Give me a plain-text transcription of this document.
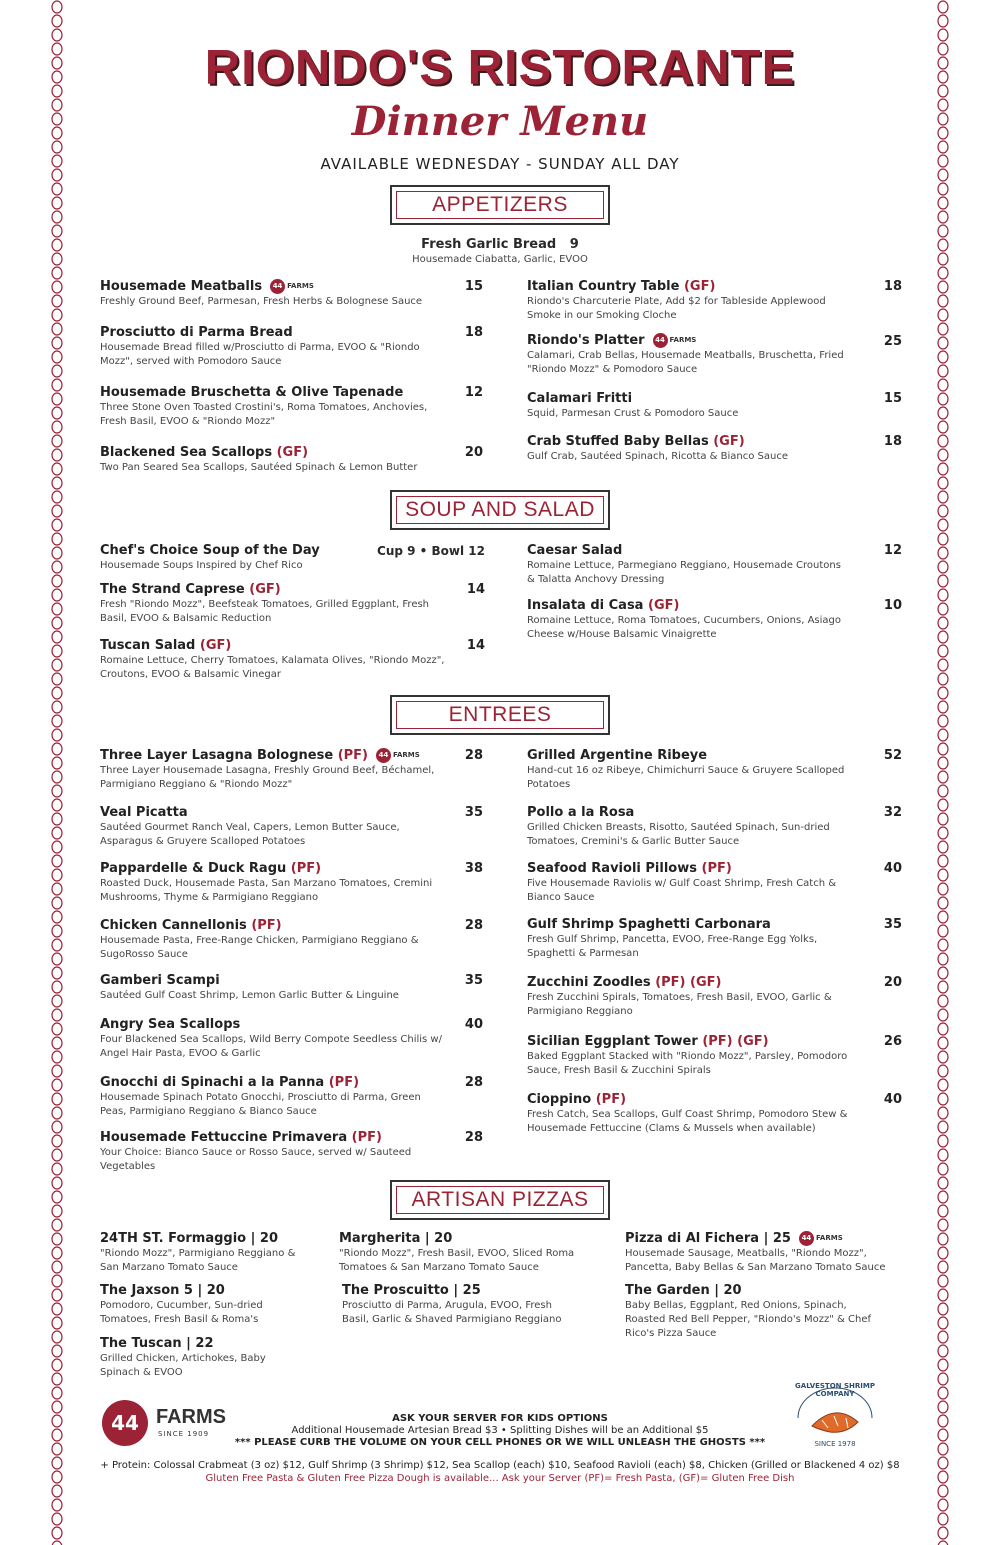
RIONDO'S RISTORANTE
Dinner Menu
AVAILABLE WEDNESDAY - SUNDAY ALL DAY
APPETIZERS
Fresh Garlic Bread 9
Housemade Ciabatta, Garlic, EVOO
Housemade Meatballs 44 FARMS
Freshly Ground Beef, Parmesan, Fresh Herbs & Bolognese Sauce
15
Prosciutto di Parma Bread
Housemade Bread filled w/Prosciutto di Parma, EVOO & "Riondo Mozz", served with Pomodoro Sauce
18
Housemade Bruschetta & Olive Tapenade
Three Stone Oven Toasted Crostini's, Roma Tomatoes, Anchovies, Fresh Basil, EVOO & "Riondo Mozz"
12
Blackened Sea Scallops (GF)
Two Pan Seared Sea Scallops, Sautéed Spinach & Lemon Butter
20
Italian Country Table (GF)
Riondo's Charcuterie Plate, Add $2 for Tableside Applewood Smoke in our Smoking Cloche
18
Riondo's Platter 44 FARMS
Calamari, Crab Bellas, Housemade Meatballs, Bruschetta, Fried "Riondo Mozz" & Pomodoro Sauce
25
Calamari Fritti
Squid, Parmesan Crust & Pomodoro Sauce
15
Crab Stuffed Baby Bellas (GF)
Gulf Crab, Sautéed Spinach, Ricotta & Bianco Sauce
18
SOUP AND SALAD
Chef's Choice Soup of the Day
Housemade Soups Inspired by Chef Rico
Cup 9 • Bowl 12
The Strand Caprese (GF)
Fresh "Riondo Mozz", Beefsteak Tomatoes, Grilled Eggplant, Fresh Basil, EVOO & Balsamic Reduction
14
Tuscan Salad (GF)
Romaine Lettuce, Cherry Tomatoes, Kalamata Olives, "Riondo Mozz", Croutons, EVOO & Balsamic Vinegar
14
Caesar Salad
Romaine Lettuce, Parmegiano Reggiano, Housemade Croutons & Talatta Anchovy Dressing
12
Insalata di Casa (GF)
Romaine Lettuce, Roma Tomatoes, Cucumbers, Onions, Asiago Cheese w/House Balsamic Vinaigrette
10
ENTREES
Three Layer Lasagna Bolognese (PF) 44 FARMS
Three Layer Housemade Lasagna, Freshly Ground Beef, Béchamel, Parmigiano Reggiano & "Riondo Mozz"
28
Veal Picatta
Sautéed Gourmet Ranch Veal, Capers, Lemon Butter Sauce, Asparagus & Gruyere Scalloped Potatoes
35
Pappardelle & Duck Ragu (PF)
Roasted Duck, Housemade Pasta, San Marzano Tomatoes, Cremini Mushrooms, Thyme & Parmigiano Reggiano
38
Chicken Cannellonis (PF)
Housemade Pasta, Free-Range Chicken, Parmigiano Reggiano & SugoRosso Sauce
28
Gamberi Scampi
Sautéed Gulf Coast Shrimp, Lemon Garlic Butter & Linguine
35
Angry Sea Scallops
Four Blackened Sea Scallops, Wild Berry Compote Seedless Chilis w/ Angel Hair Pasta, EVOO & Garlic
40
Gnocchi di Spinachi a la Panna (PF)
Housemade Spinach Potato Gnocchi, Prosciutto di Parma, Green Peas, Parmigiano Reggiano & Bianco Sauce
28
Housemade Fettuccine Primavera (PF)
Your Choice: Bianco Sauce or Rosso Sauce, served w/ Sauteed Vegetables
28
Grilled Argentine Ribeye
Hand-cut 16 oz Ribeye, Chimichurri Sauce & Gruyere Scalloped Potatoes
52
Pollo a la Rosa
Grilled Chicken Breasts, Risotto, Sautéed Spinach, Sun-dried Tomatoes, Cremini's & Garlic Butter Sauce
32
Seafood Ravioli Pillows (PF)
Five Housemade Raviolis w/ Gulf Coast Shrimp, Fresh Catch & Bianco Sauce
40
Gulf Shrimp Spaghetti Carbonara
Fresh Gulf Shrimp, Pancetta, EVOO, Free-Range Egg Yolks, Spaghetti & Parmesan
35
Zucchini Zoodles (PF) (GF)
Fresh Zucchini Spirals, Tomatoes, Fresh Basil, EVOO, Garlic & Parmigiano Reggiano
20
Sicilian Eggplant Tower (PF) (GF)
Baked Eggplant Stacked with "Riondo Mozz", Parsley, Pomodoro Sauce, Fresh Basil & Zucchini Spirals
26
Cioppino (PF)
Fresh Catch, Sea Scallops, Gulf Coast Shrimp, Pomodoro Stew & Housemade Fettuccine (Clams & Mussels when available)
40
ARTISAN PIZZAS
24TH ST. Formaggio | 20
"Riondo Mozz", Parmigiano Reggiano & San Marzano Tomato Sauce
The Jaxson 5 | 20
Pomodoro, Cucumber, Sun-dried Tomatoes, Fresh Basil & Roma's
The Tuscan | 22
Grilled Chicken, Artichokes, Baby Spinach & EVOO
Margherita | 20
"Riondo Mozz", Fresh Basil, EVOO, Sliced Roma Tomatoes & San Marzano Tomato Sauce
The Proscuitto | 25
Prosciutto di Parma, Arugula, EVOO, Fresh Basil, Garlic & Shaved Parmigiano Reggiano
Pizza di Al Fichera | 25 44 FARMS
Housemade Sausage, Meatballs, "Riondo Mozz", Pancetta, Baby Bellas & San Marzano Tomato Sauce
The Garden | 20
Baby Bellas, Eggplant, Red Onions, Spinach, Roasted Red Bell Pepper, "Riondo's Mozz" & Chef Rico's Pizza Sauce
44 FARMS
SINCE 1909
GALVESTON SHRIMP COMPANY
SINCE 1978
ASK YOUR SERVER FOR KIDS OPTIONS
Additional Housemade Artesian Bread $3 • Splitting Dishes will be an Additional $5
*** PLEASE CURB THE VOLUME ON YOUR CELL PHONES OR WE WILL UNLEASH THE GHOSTS ***
+ Protein: Colossal Crabmeat (3 oz) $12, Gulf Shrimp (3 Shrimp) $12, Sea Scallop (each) $10, Seafood Ravioli (each) $8, Chicken (Grilled or Blackened 4 oz) $8
Gluten Free Pasta & Gluten Free Pizza Dough is available... Ask your Server (PF)= Fresh Pasta, (GF)= Gluten Free Dish
